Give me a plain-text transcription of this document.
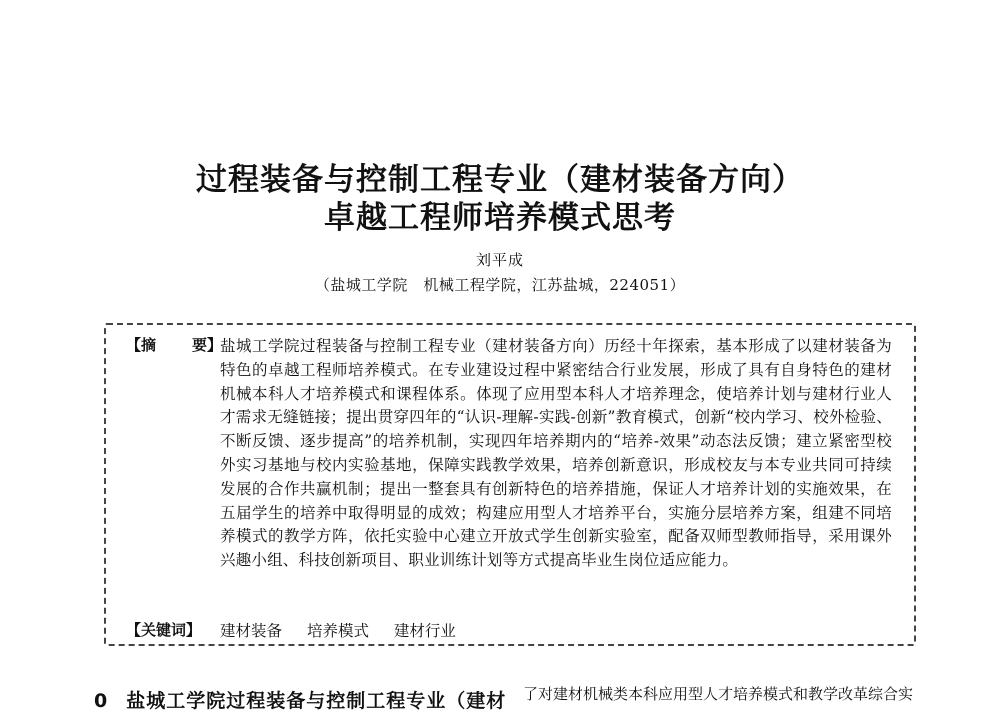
过程装备与控制工程专业（建材装备方向）
卓越工程师培养模式思考
刘平成
（盐城工学院　机械工程学院，江苏盐城，224051）
【摘　要】
盐城工学院过程装备与控制工程专业（建材装备方向）历经十年探索，基本形成了以建材装备为特色的卓越工程师培养模式。在专业建设过程中紧密结合行业发展，形成了具有自身特色的建材机械本科人才培养模式和课程体系。体现了应用型本科人才培养理念，使培养计划与建材行业人才需求无缝链接；提出贯穿四年的“认识-理解-实践-创新”教育模式，创新“校内学习、校外检验、不断反馈、逐步提高”的培养机制，实现四年培养期内的“培养-效果”动态法反馈；建立紧密型校外实习基地与校内实验基地，保障实践教学效果，培养创新意识，形成校友与本专业共同可持续发展的合作共赢机制；提出一整套具有创新特色的培养措施，保证人才培养计划的实施效果，在五届学生的培养中取得明显的成效；构建应用型人才培养平台，实施分层培养方案，组建不同培养模式的教学方阵，依托实验中心建立开放式学生创新实验室，配备双师型教师指导，采用课外兴趣小组、科技创新项目、职业训练计划等方式提高毕业生岗位适应能力。
【关键词】 建材装备 培养模式 建材行业
0 盐城工学院过程装备与控制工程专业（建材 了对建材机械类本科应用型人才培养模式和教学改革综合实
